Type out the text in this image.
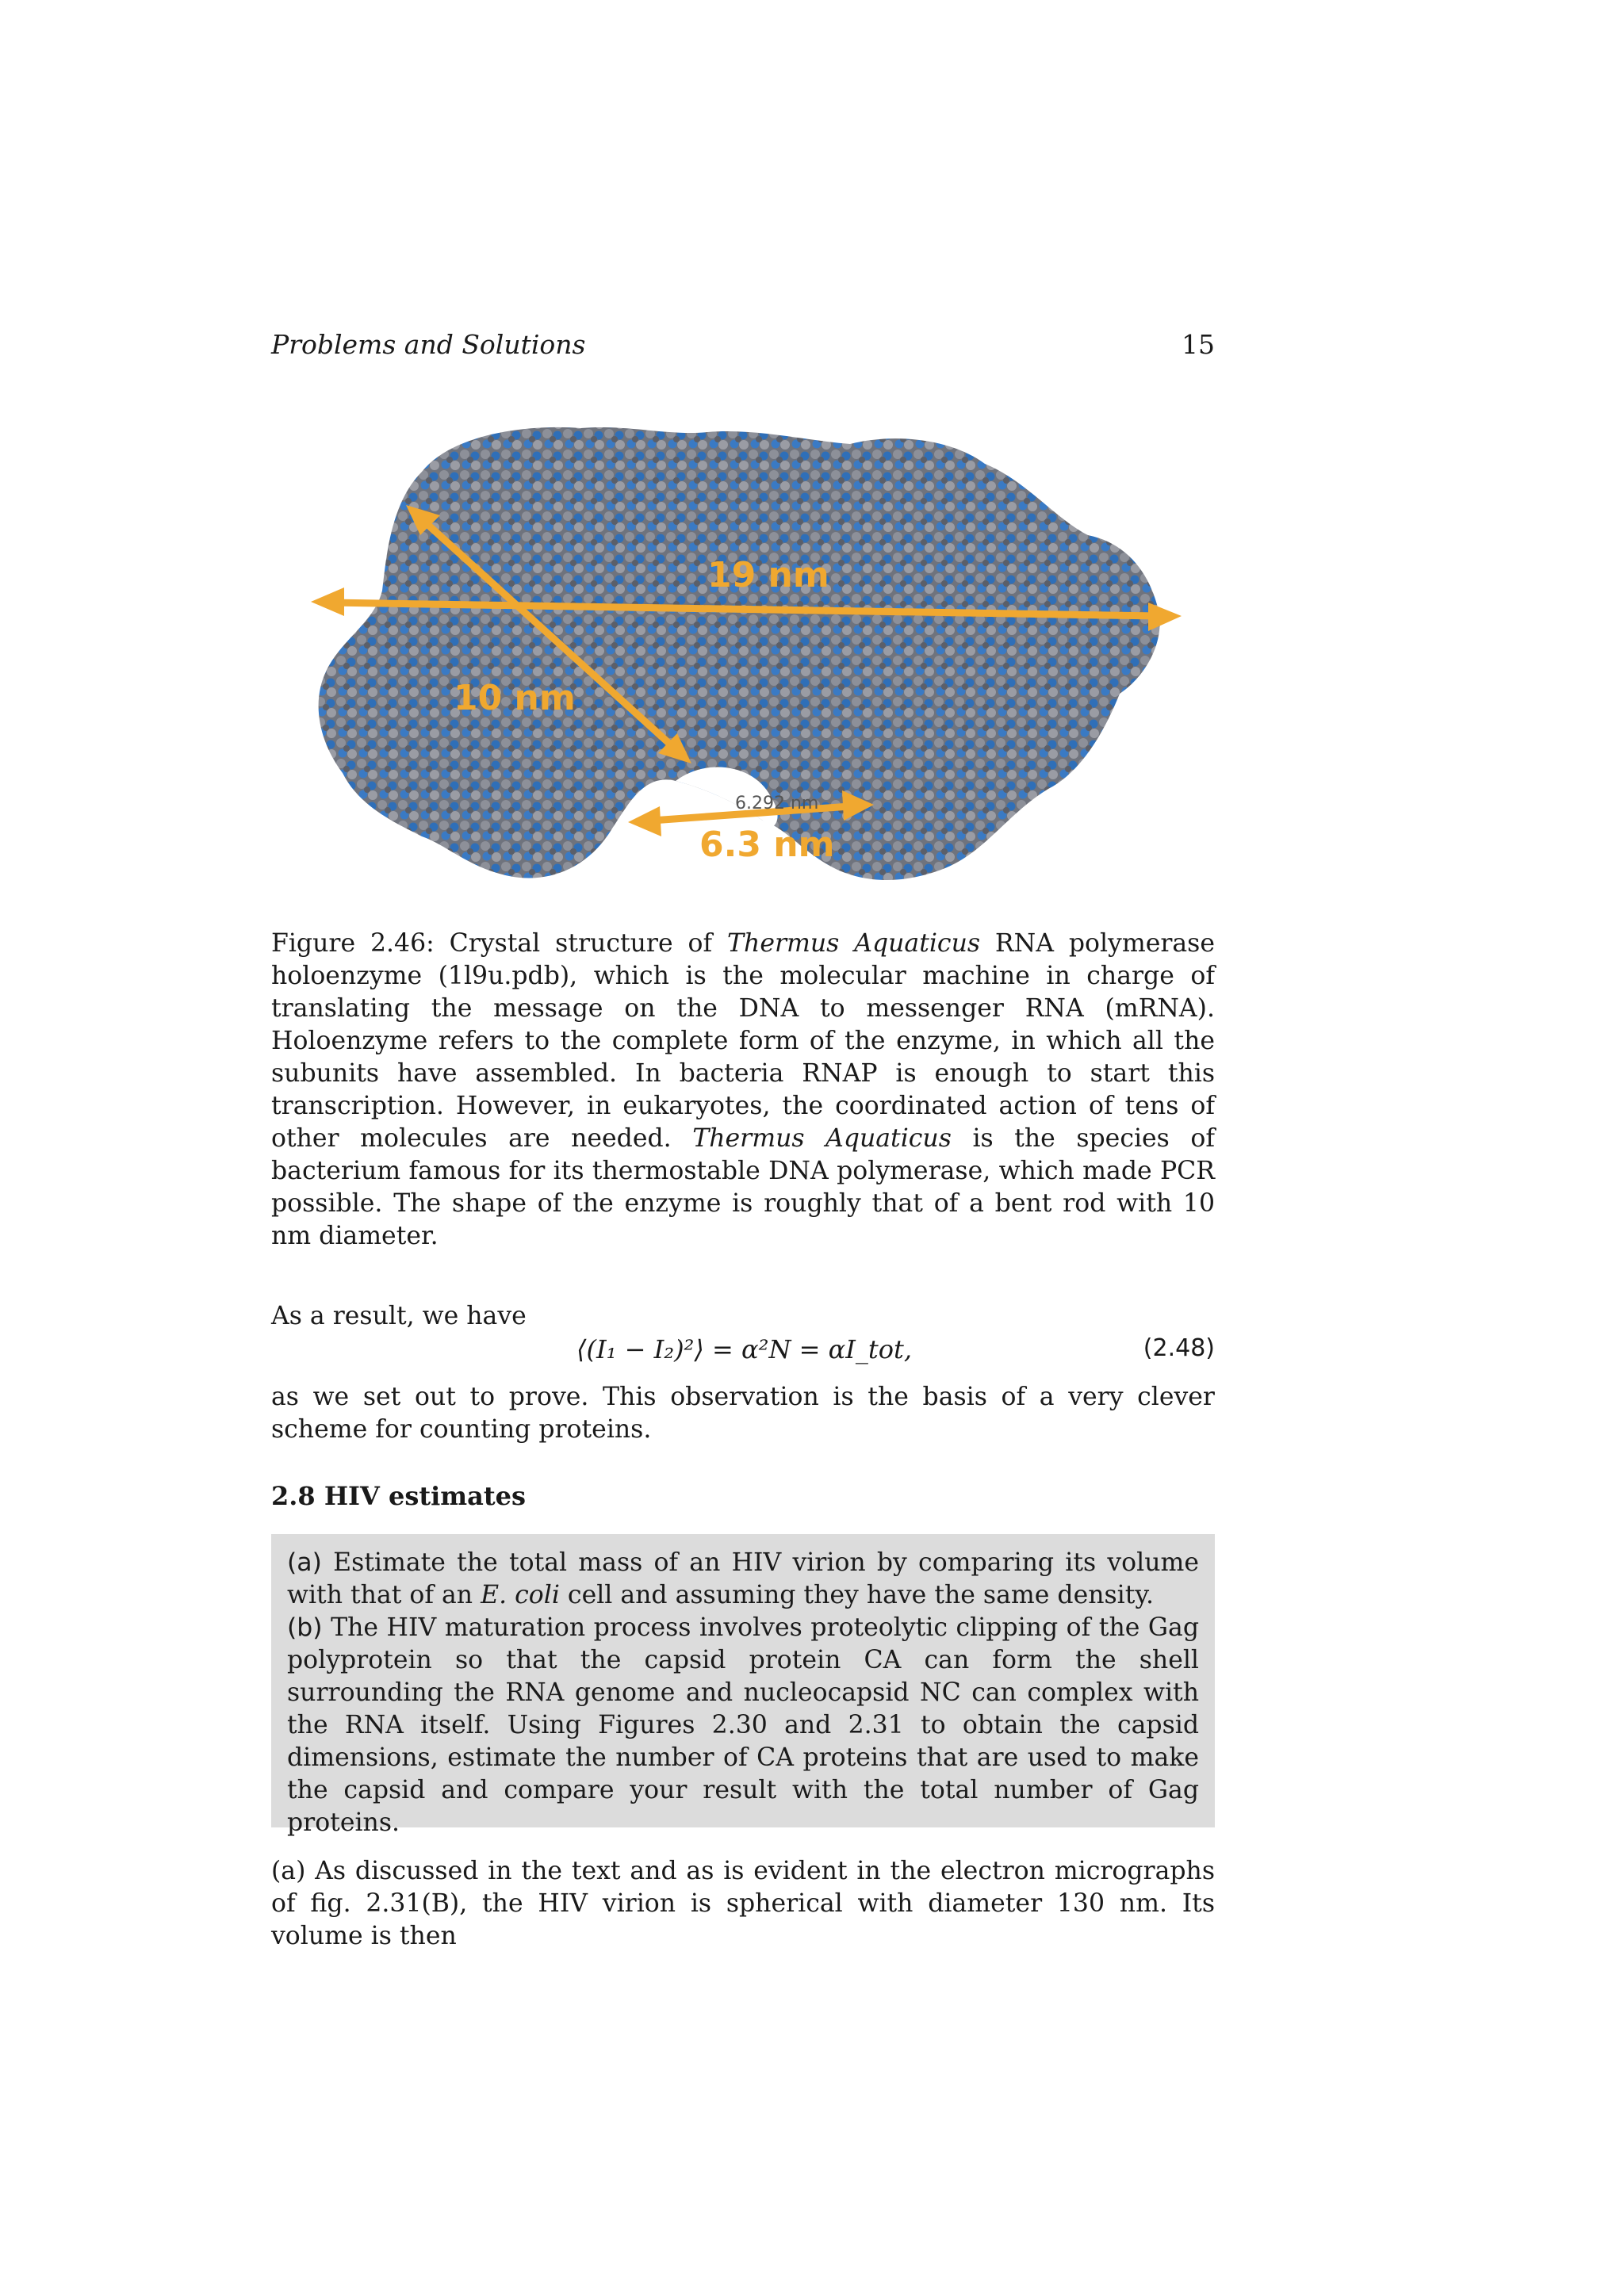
Problems and Solutions	15
19 nm
10 nm
6.292 nm
6.3 nm
Figure 2.46: Crystal structure of Thermus Aquaticus RNA polymerase holoenzyme (1l9u.pdb), which is the molecular machine in charge of translating the message on the DNA to messenger RNA (mRNA). Holoenzyme refers to the complete form of the enzyme, in which all the subunits have assembled. In bacteria RNAP is enough to start this transcription. However, in eukaryotes, the coordinated action of tens of other molecules are needed. Thermus Aquaticus is the species of bacterium famous for its thermostable DNA polymerase, which made PCR possible. The shape of the enzyme is roughly that of a bent rod with 10 nm diameter.
As a result, we have
⟨(I₁ − I₂)²⟩ = α²N = αI_tot,	(2.48)
as we set out to prove. This observation is the basis of a very clever scheme for counting proteins.
2.8 HIV estimates
(a) Estimate the total mass of an HIV virion by comparing its volume with that of an E. coli cell and assuming they have the same density.
(b) The HIV maturation process involves proteolytic clipping of the Gag polyprotein so that the capsid protein CA can form the shell surrounding the RNA genome and nucleocapsid NC can complex with the RNA itself. Using Figures 2.30 and 2.31 to obtain the capsid dimensions, estimate the number of CA proteins that are used to make the capsid and compare your result with the total number of Gag proteins.
(a) As discussed in the text and as is evident in the electron micrographs of fig. 2.31(B), the HIV virion is spherical with diameter 130 nm. Its volume is then
